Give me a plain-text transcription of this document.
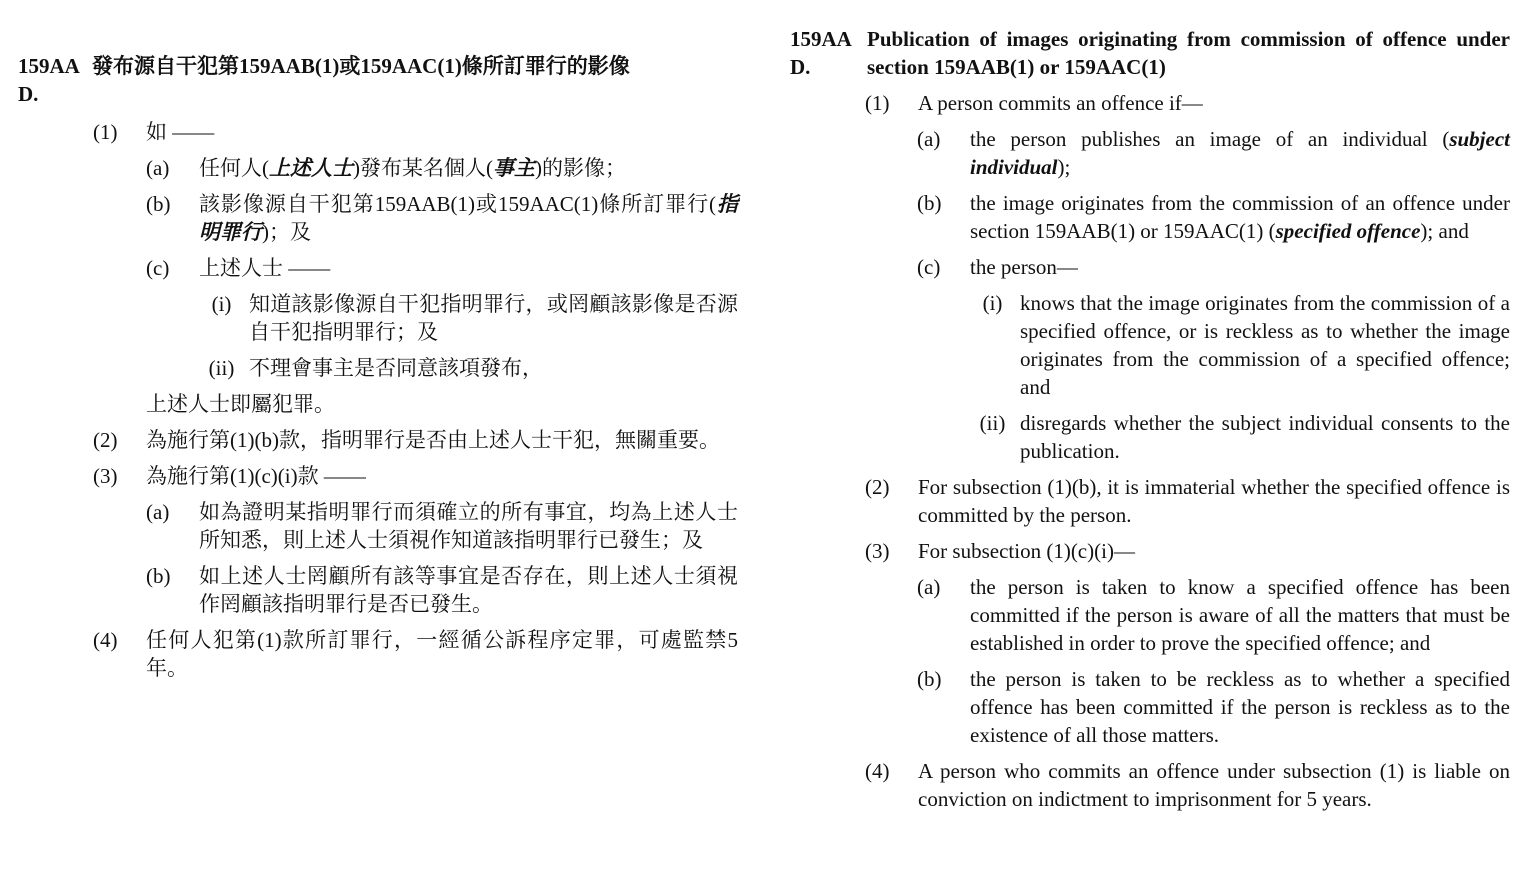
159AA
D.
發布源自干犯第159AAB(1)或159AAC(1)條所訂罪行的影像
(1)	如 ——
(a)	任何人(上述人士)發布某名個人(事主)的影像；
(b)	該影像源自干犯第159AAB(1)或159AAC(1)條所訂罪行(指明罪行)；及
(c)	上述人士 ——
(i) 知道該影像源自干犯指明罪行，或罔顧該影像是否源自干犯指明罪行；及
(ii) 不理會事主是否同意該項發布，
上述人士即屬犯罪。
(2)	為施行第(1)(b)款，指明罪行是否由上述人士干犯，無關重要。
(3)	為施行第(1)(c)(i)款 ——
(a)	如為證明某指明罪行而須確立的所有事宜，均為上述人士所知悉，則上述人士須視作知道該指明罪行已發生；及
(b)	如上述人士罔顧所有該等事宜是否存在，則上述人士須視作罔顧該指明罪行是否已發生。
(4)	任何人犯第(1)款所訂罪行，一經循公訴程序定罪，可處監禁5年。
159AA
D.
Publication of images originating from commission of offence under section 159AAB(1) or 159AAC(1)
(1)	A person commits an offence if—
(a)	the person publishes an image of an individual (subject individual);
(b)	the image originates from the commission of an offence under section 159AAB(1) or 159AAC(1) (specified offence); and
(c)	the person—
(i) knows that the image originates from the commission of a specified offence, or is reckless as to whether the image originates from the commission of a specified offence; and
(ii) disregards whether the subject individual consents to the publication.
(2)	For subsection (1)(b), it is immaterial whether the specified offence is committed by the person.
(3)	For subsection (1)(c)(i)—
(a)	the person is taken to know a specified offence has been committed if the person is aware of all the matters that must be established in order to prove the specified offence; and
(b)	the person is taken to be reckless as to whether a specified offence has been committed if the person is reckless as to the existence of all those matters.
(4)	A person who commits an offence under subsection (1) is liable on conviction on indictment to imprisonment for 5 years.
